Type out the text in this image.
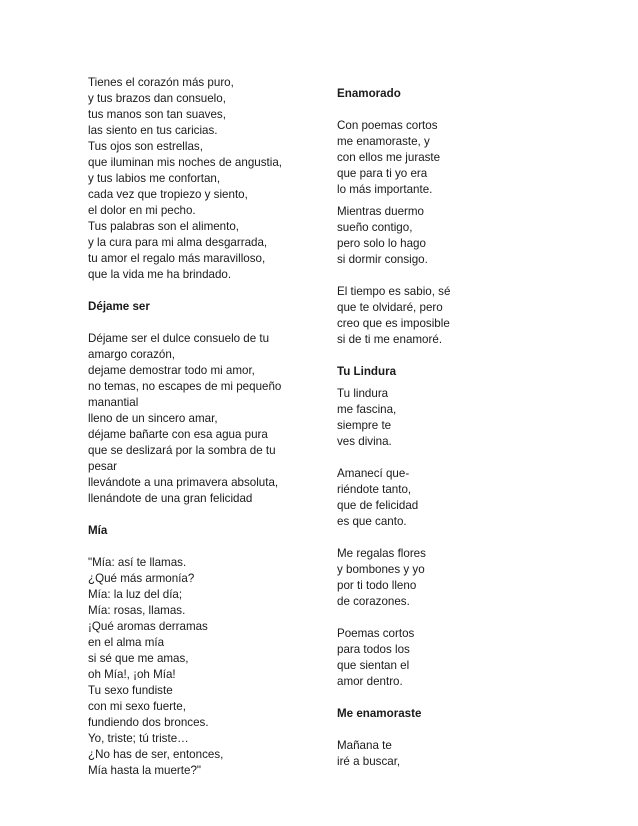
Tienes el corazón más puro,
y tus brazos dan consuelo,
tus manos son tan suaves,
las siento en tus caricias.
Tus ojos son estrellas,
que iluminan mis noches de angustia,
y tus labios me confortan,
cada vez que tropiezo y siento,
el dolor en mi pecho.
Tus palabras son el alimento,
y la cura para mi alma desgarrada,
tu amor el regalo más maravilloso,
que la vida me ha brindado.
Déjame ser
Déjame ser el dulce consuelo de tu
amargo corazón,
dejame demostrar todo mi amor,
no temas, no escapes de mi pequeño
manantial
lleno de un sincero amar,
déjame bañarte con esa agua pura
que se deslizará por la sombra de tu
pesar
llevándote a una primavera absoluta,
llenándote de una gran felicidad
Mía
"Mía: así te llamas.
¿Qué más armonía?
Mía: la luz del día;
Mía: rosas, llamas.
¡Qué aromas derramas
en el alma mía
si sé que me amas,
oh Mía!, ¡oh Mía!
Tu sexo fundiste
con mi sexo fuerte,
fundiendo dos bronces.
Yo, triste; tú triste…
¿No has de ser, entonces,
Mía hasta la muerte?"
Enamorado
Con poemas cortos
me enamoraste, y
con ellos me juraste
que para ti yo era
lo más importante.
Mientras duermo
sueño contigo,
pero solo lo hago
si dormir consigo.
El tiempo es sabio, sé
que te olvidaré, pero
creo que es imposible
si de ti me enamoré.
Tu Lindura
Tu lindura
me fascina,
siempre te
ves divina.
Amanecí que-
riéndote tanto,
que de felicidad
es que canto.
Me regalas flores
y bombones y yo
por ti todo lleno
de corazones.
Poemas cortos
para todos los
que sientan el
amor dentro.
Me enamoraste
Mañana te
iré a buscar,
